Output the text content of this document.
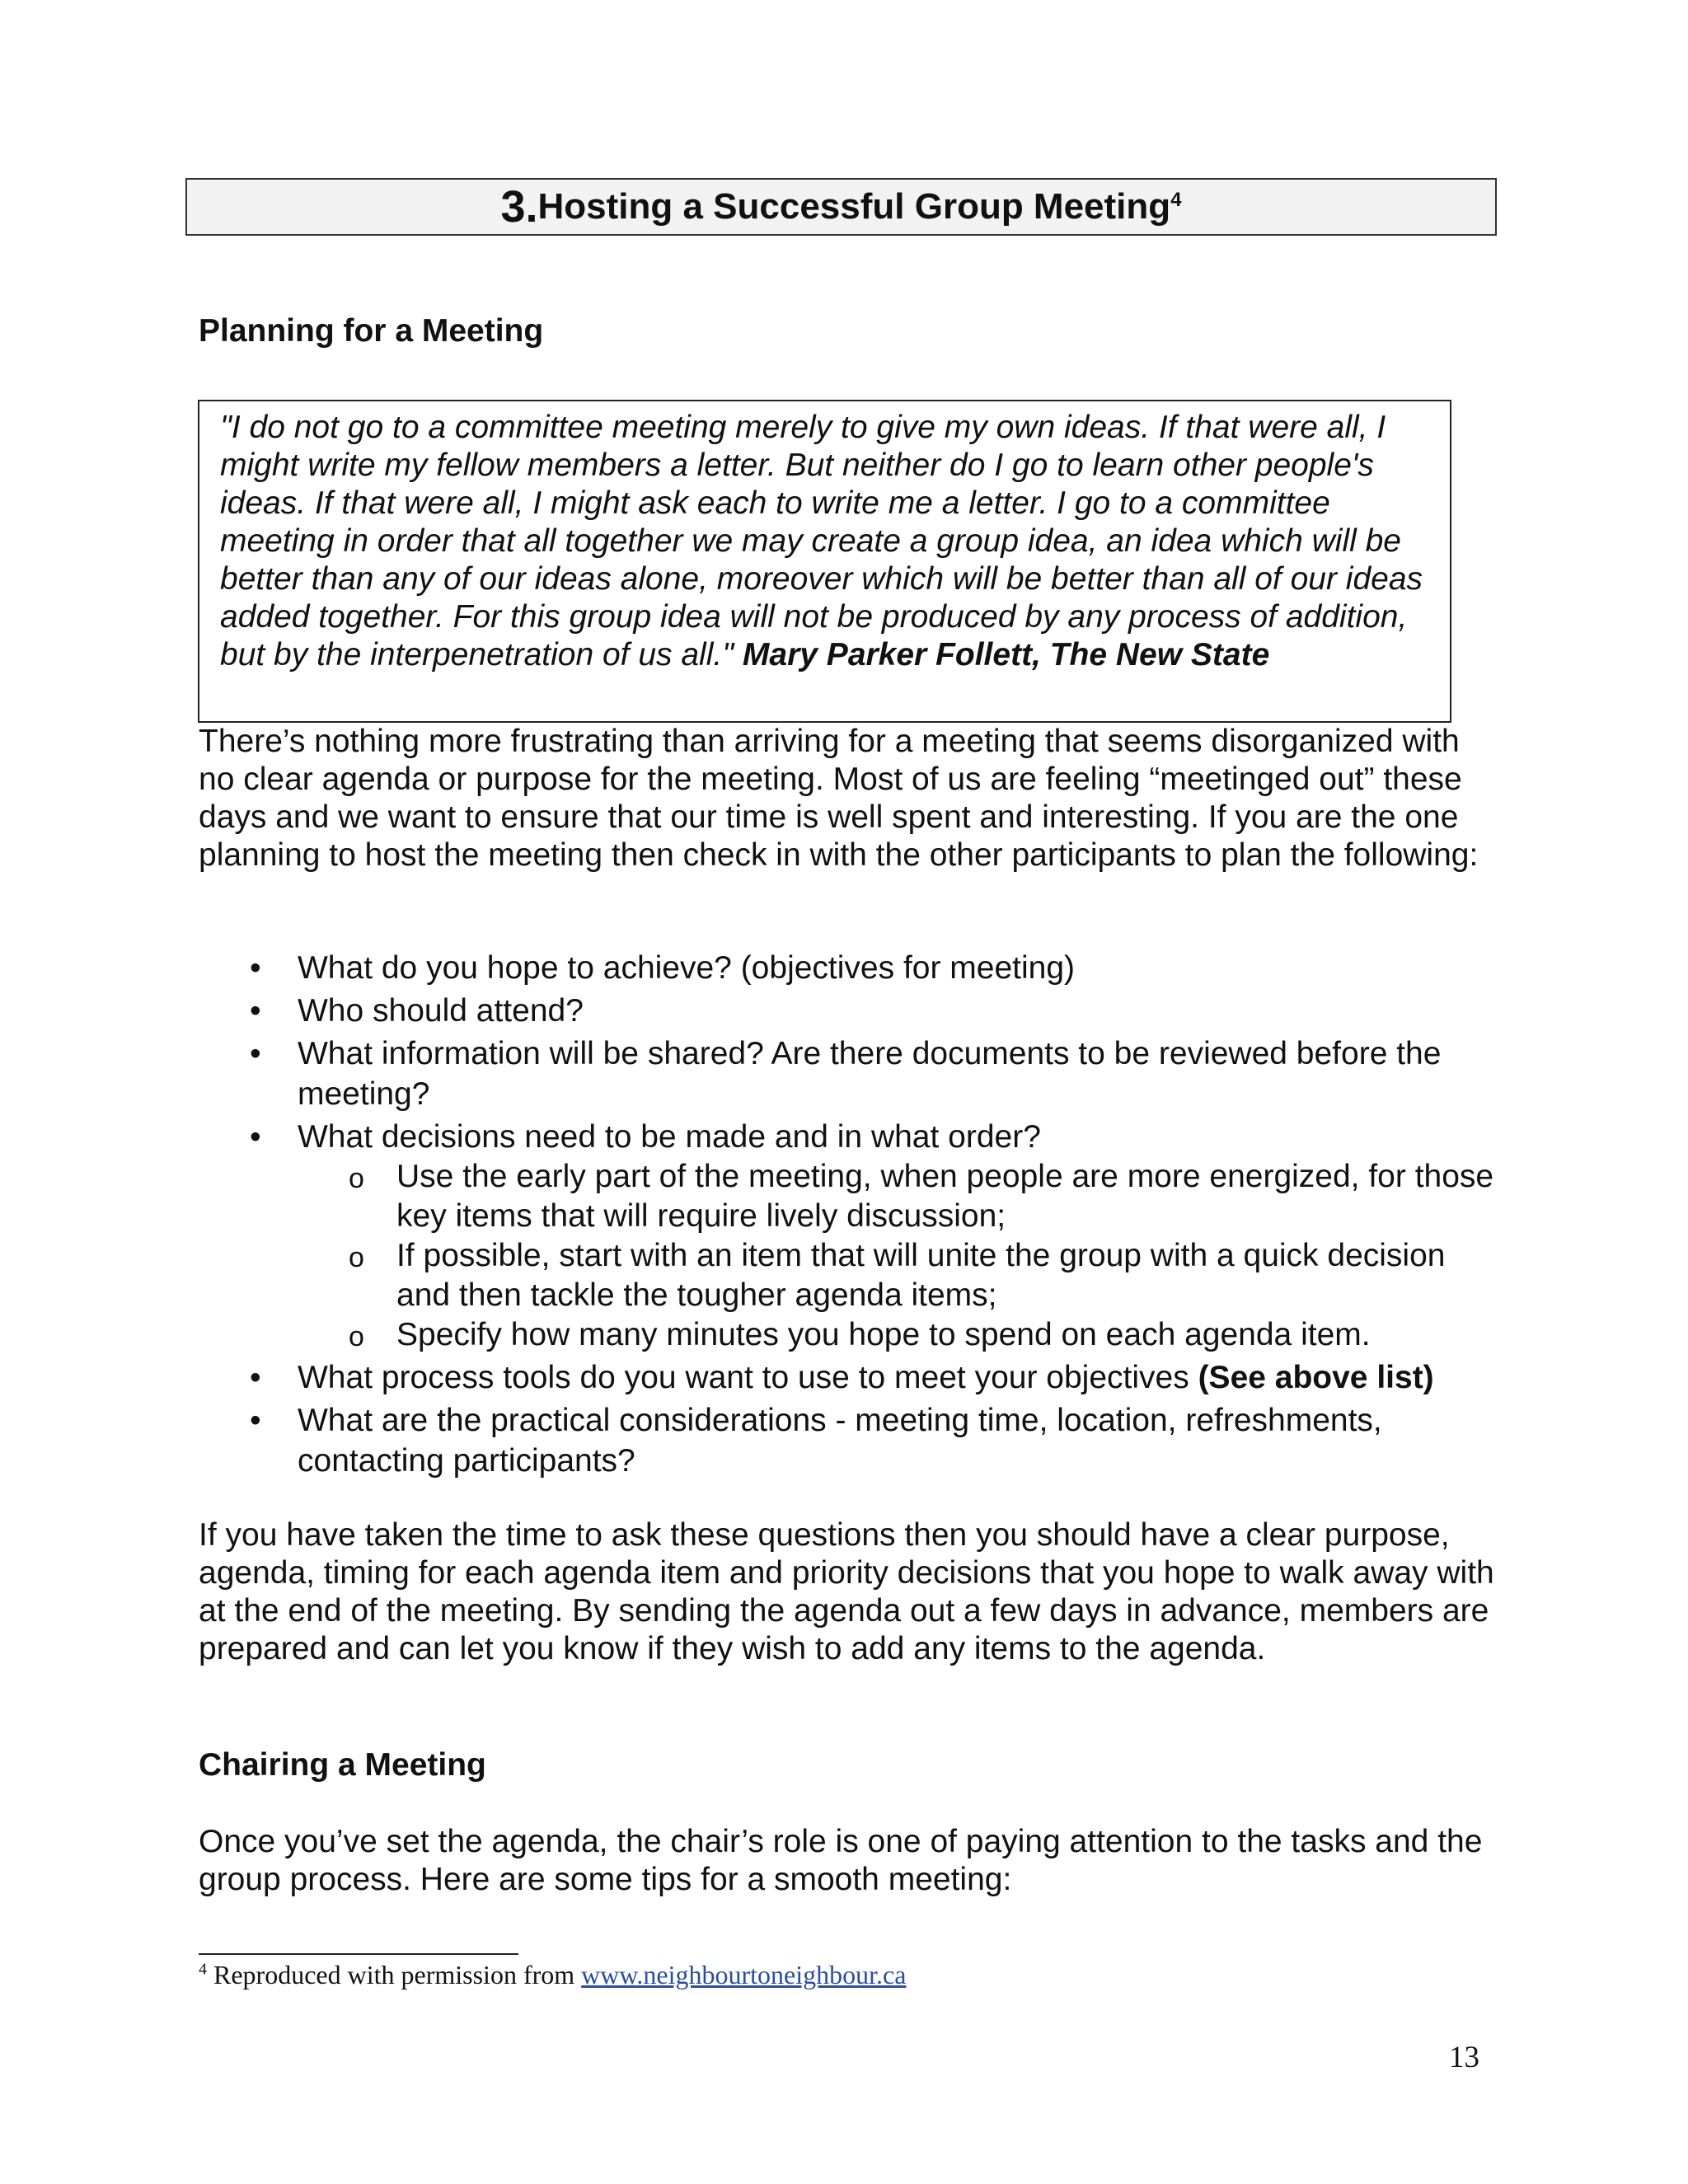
3. Hosting a Successful Group Meeting$^4$
Planning for a Meeting
"I do not go to a committee meeting merely to give my own ideas. If that were all, I might write my fellow members a letter. But neither do I go to learn other people's ideas. If that were all, I might ask each to write me a letter. I go to a committee meeting in order that all together we may create a group idea, an idea which will be better than any of our ideas alone, moreover which will be better than all of our ideas added together. For this group idea will not be produced by any process of addition, but by the interpenetration of us all." Mary Parker Follett, The New State
There’s nothing more frustrating than arriving for a meeting that seems disorganized with no clear agenda or purpose for the meeting. Most of us are feeling “meetinged out” these days and we want to ensure that our time is well spent and interesting. If you are the one planning to host the meeting then check in with the other participants to plan the following:
• What do you hope to achieve? (objectives for meeting)
• Who should attend?
• What information will be shared? Are there documents to be reviewed before the meeting?
• What decisions need to be made and in what order?
o Use the early part of the meeting, when people are more energized, for those key items that will require lively discussion;
o If possible, start with an item that will unite the group with a quick decision and then tackle the tougher agenda items;
o Specify how many minutes you hope to spend on each agenda item.
• What process tools do you want to use to meet your objectives (See above list)
• What are the practical considerations - meeting time, location, refreshments, contacting participants?
If you have taken the time to ask these questions then you should have a clear purpose, agenda, timing for each agenda item and priority decisions that you hope to walk away with at the end of the meeting. By sending the agenda out a few days in advance, members are prepared and can let you know if they wish to add any items to the agenda.
Chairing a Meeting
Once you’ve set the agenda, the chair’s role is one of paying attention to the tasks and the group process. Here are some tips for a smooth meeting:
$^4$ Reproduced with permission from www.neighbourtoneighbour.ca
13
